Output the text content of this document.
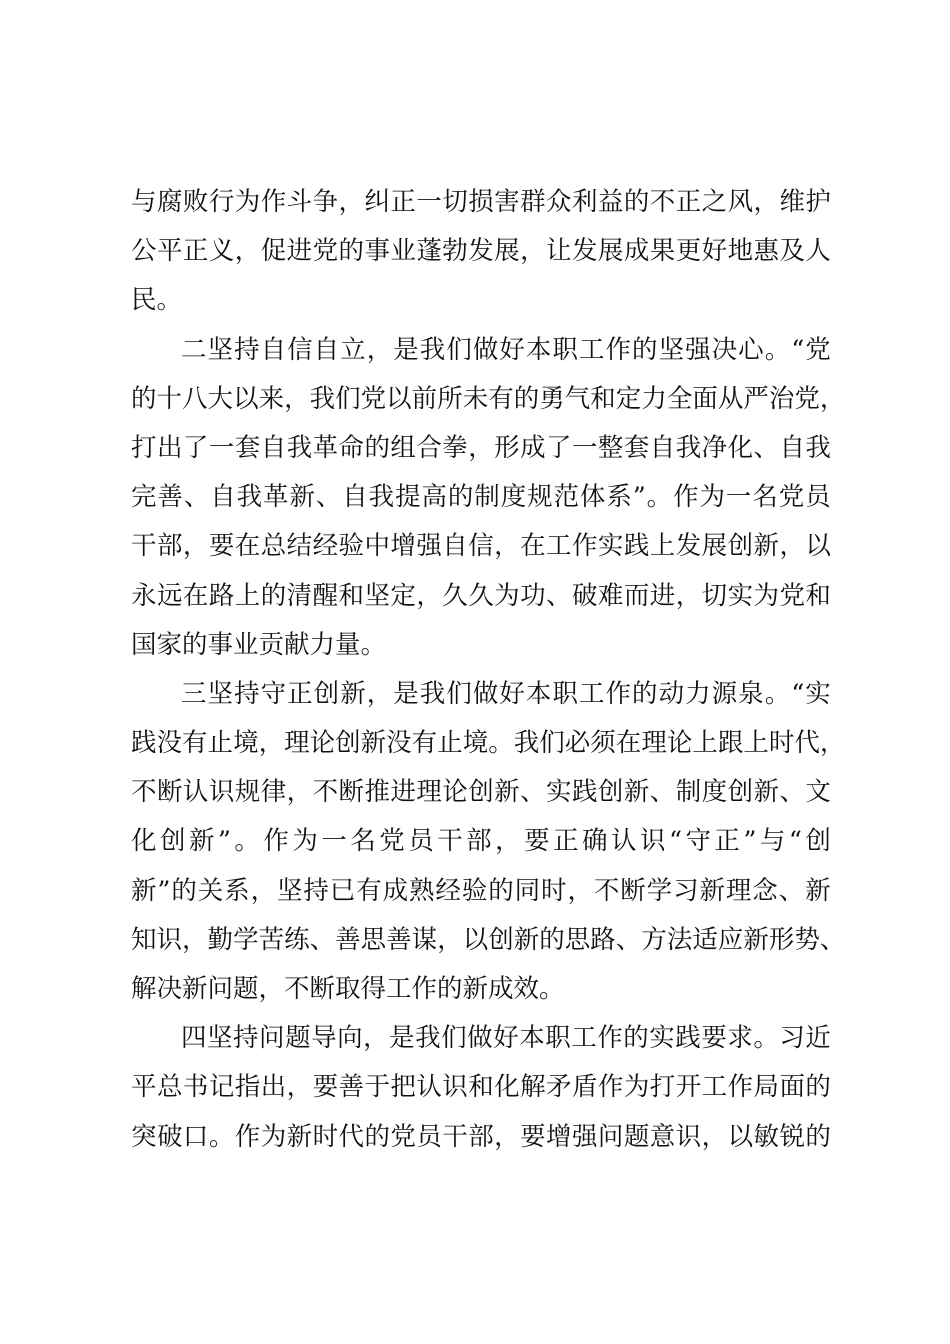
与 腐 败 行 为 作 斗 争 ， 纠 正 一 切 损 害 群 众 利 益 的 不 正 之 风 ， 维 护
公 平 正 义 ， 促 进 党 的 事 业 蓬 勃 发 展 ， 让 发 展 成 果 更 好 地 惠 及 人
民。
二 坚 持 自 信 自 立 ， 是 我 们 做 好 本 职 工 作 的 坚 强 决 心 。 “ 党
的 十 八 大 以 来 ， 我 们 党 以 前 所 未 有 的 勇 气 和 定 力 全 面 从 严 治 党 ，
打 出 了 一 套 自 我 革 命 的 组 合 拳 ， 形 成 了 一 整 套 自 我 净 化 、 自 我
完 善 、 自 我 革 新 、 自 我 提 高 的 制 度 规 范 体 系 ” 。 作 为 一 名 党 员
干 部 ， 要 在 总 结 经 验 中 增 强 自 信 ， 在 工 作 实 践 上 发 展 创 新 ， 以
永 远 在 路 上 的 清 醒 和 坚 定 ， 久 久 为 功 、 破 难 而 进 ， 切 实 为 党 和
国家的事业贡献力量。
三 坚 持 守 正 创 新 ， 是 我 们 做 好 本 职 工 作 的 动 力 源 泉 。 “ 实
践 没 有 止 境 ， 理 论 创 新 没 有 止 境 。 我 们 必 须 在 理 论 上 跟 上 时 代 ，
不 断 认 识 规 律 ， 不 断 推 进 理 论 创 新 、 实 践 创 新 、 制 度 创 新 、 文
化 创 新 ” 。 作 为 一 名 党 员 干 部 ， 要 正 确 认 识 “ 守 正 ” 与 “ 创
新 ” 的 关 系 ， 坚 持 已 有 成 熟 经 验 的 同 时 ， 不 断 学 习 新 理 念 、 新
知 识 ， 勤 学 苦 练 、 善 思 善 谋 ， 以 创 新 的 思 路 、 方 法 适 应 新 形 势 、
解决新问题，不断取得工作的新成效。
四 坚 持 问 题 导 向 ， 是 我 们 做 好 本 职 工 作 的 实 践 要 求 。 习 近
平 总 书 记 指 出 ， 要 善 于 把 认 识 和 化 解 矛 盾 作 为 打 开 工 作 局 面 的
突 破 口 。 作 为 新 时 代 的 党 员 干 部 ， 要 增 强 问 题 意 识 ， 以 敏 锐 的
